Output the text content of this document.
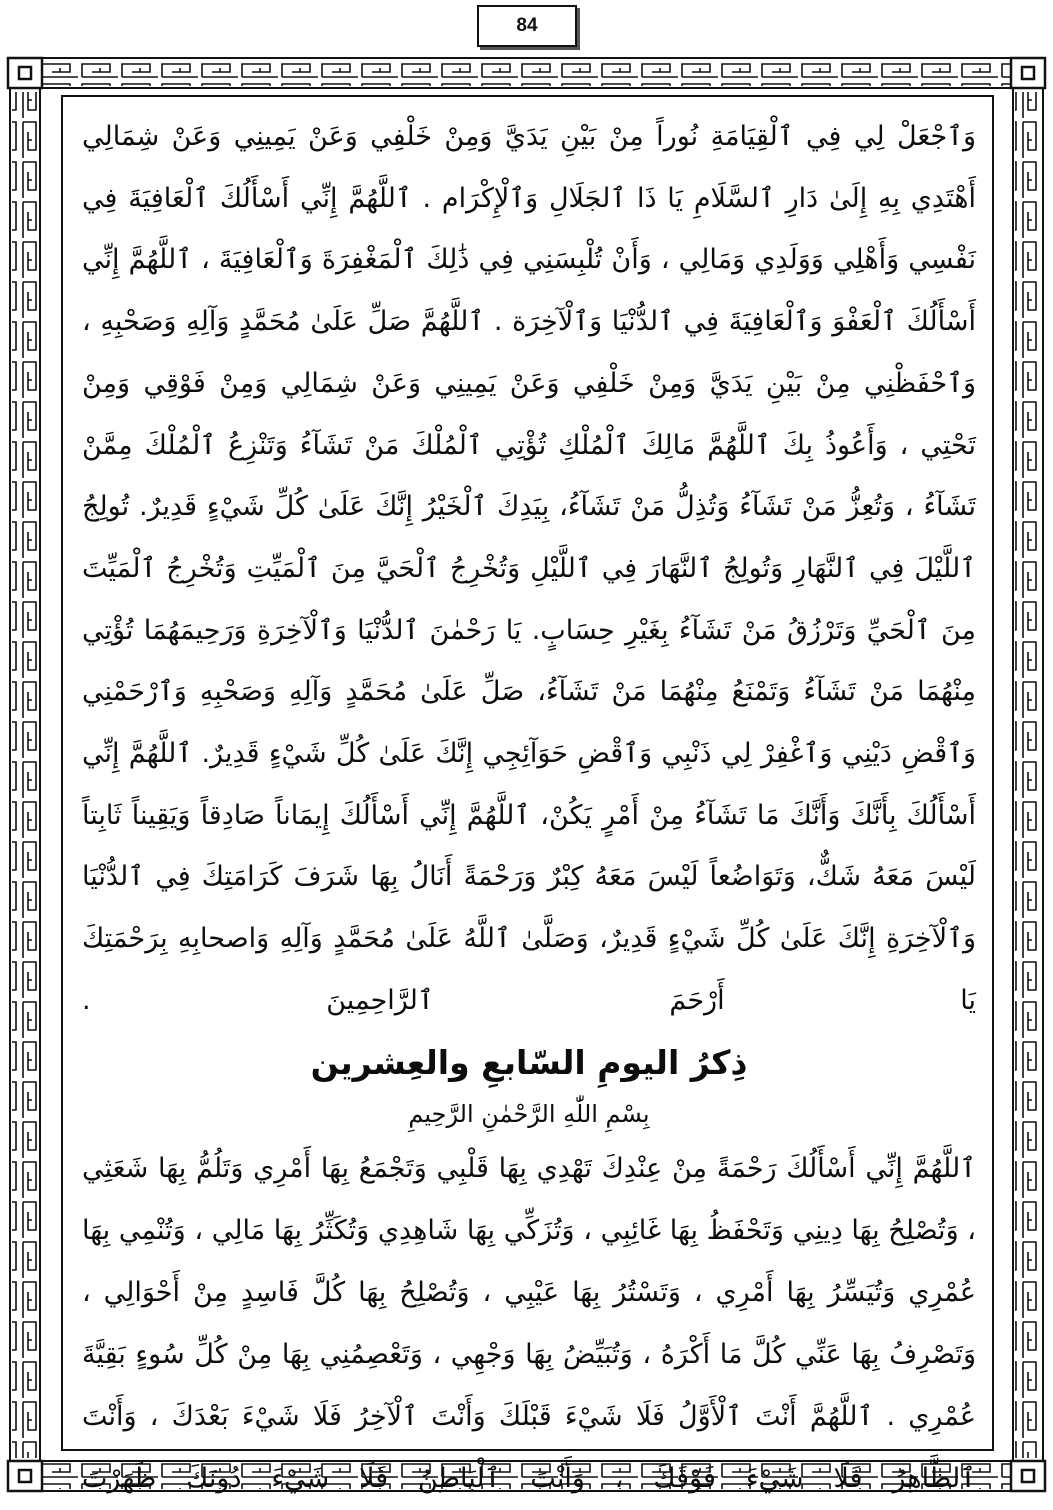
84
وَٱجْعَلْ لِي فِي ٱلْقِيَامَةِ نُوراً مِنْ بَيْنِ يَدَيَّ وَمِنْ خَلْفِي وَعَنْ يَمِينِي وَعَنْ شِمَالِي أَهْتَدِي بِهِ إِلَىٰ دَارِ ٱلسَّلَامِ يَا ذَا ٱلجَلَالِ وَٱلْإِكْرَام . ٱللَّهُمَّ إِنِّي أَسْأَلُكَ ٱلْعَافِيَةَ فِي نَفْسِي وَأَهْلِي وَوَلَدِي وَمَالِي ، وَأَنْ تُلْبِسَنِي فِي ذَٰلِكَ ٱلْمَغْفِرَةَ وَٱلْعَافِيَةَ ، ٱللَّهُمَّ إِنِّي أَسْأَلُكَ ٱلْعَفْوَ وَٱلْعَافِيَةَ فِي ٱلدُّنْيَا وَٱلْآخِرَة . ٱللَّهُمَّ صَلِّ عَلَىٰ مُحَمَّدٍ وَآلِهِ وَصَحْبِهِ ، وَٱحْفَظْنِي مِنْ بَيْنِ يَدَيَّ وَمِنْ خَلْفِي وَعَنْ يَمِينِي وَعَنْ شِمَالِي وَمِنْ فَوْقِي وَمِنْ تَحْتِي ، وَأَعُوذُ بِكَ ٱللَّهُمَّ مَالِكَ ٱلْمُلْكِ تُؤْتِي ٱلْمُلْكَ مَنْ تَشَآءُ وَتَنْزِعُ ٱلْمُلْكَ مِمَّنْ تَشَآءُ ، وَتُعِزُّ مَنْ تَشَآءُ وَتُذِلُّ مَنْ تَشَآءُ، بِيَدِكَ ٱلْخَيْرُ إِنَّكَ عَلَىٰ كُلِّ شَيْءٍ قَدِيرٌ. تُولِجُ ٱللَّيْلَ فِي ٱلنَّهَارِ وَتُولِجُ ٱلنَّهَارَ فِي ٱللَّيْلِ وَتُخْرِجُ ٱلْحَيَّ مِنَ ٱلْمَيِّتِ وَتُخْرِجُ ٱلْمَيِّتَ مِنَ ٱلْحَيِّ وَتَرْزُقُ مَنْ تَشَآءُ بِغَيْرِ حِسَابٍ. يَا رَحْمٰنَ ٱلدُّنْيَا وَٱلْآخِرَةِ وَرَحِيمَهُمَا تُؤْتِي مِنْهُمَا مَنْ تَشَآءُ وَتَمْنَعُ مِنْهُمَا مَنْ تَشَآءُ، صَلِّ عَلَىٰ مُحَمَّدٍ وَآلِهِ وَصَحْبِهِ وَٱرْحَمْنِي وَٱقْضِ دَيْنِي وَٱغْفِرْ لِي ذَنْبِي وَٱقْضِ حَوَآئِجِي إِنَّكَ عَلَىٰ كُلِّ شَيْءٍ قَدِيرٌ. ٱللَّهُمَّ إِنِّي أَسْأَلُكَ بِأَنَّكَ وَأَنَّكَ مَا تَشَآءُ مِنْ أَمْرٍ يَكُنْ، ٱللَّهُمَّ إِنِّي أَسْأَلُكَ إِيمَاناً صَادِقاً وَيَقِيناً ثَابِتاً لَيْسَ مَعَهُ شَكٌّ، وَتَوَاضُعاً لَيْسَ مَعَهُ كِبْرٌ وَرَحْمَةً أَنَالُ بِهَا شَرَفَ كَرَامَتِكَ فِي ٱلدُّنْيَا وَٱلْآخِرَةِ إِنَّكَ عَلَىٰ كُلِّ شَيْءٍ قَدِيرٌ، وَصَلَّىٰ ٱللَّهُ عَلَىٰ مُحَمَّدٍ وَآلِهِ وَاصحابِهِ بِرَحْمَتِكَ يَا أَرْحَمَ ٱلرَّاحِمِينَ .
ذِكرُ اليومِ السّابعِ والعِشرين
بِسْمِ اللّٰهِ الرَّحْمٰنِ الرَّحِيمِ
ٱللَّهُمَّ إِنِّي أَسْأَلُكَ رَحْمَةً مِنْ عِنْدِكَ تَهْدِي بِهَا قَلْبِي وَتَجْمَعُ بِهَا أَمْرِي وَتَلُمُّ بِهَا شَعَثِي ، وَتُصْلِحُ بِهَا دِينِي وَتَحْفَظُ بِهَا غَائِبِي ، وَتُزَكِّي بِهَا شَاهِدِي وَتُكَثِّرُ بِهَا مَالِي ، وَتُنْمِي بِهَا عُمْرِي وَتُيَسِّرُ بِهَا أَمْرِي ، وَتَسْتُرُ بِهَا عَيْبِي ، وَتُصْلِحُ بِهَا كُلَّ فَاسِدٍ مِنْ أَحْوَالِي ، وَتَصْرِفُ بِهَا عَنِّي كُلَّ مَا أَكْرَهُ ، وَتُبَيِّضُ بِهَا وَجْهِي ، وَتَعْصِمُنِي بِهَا مِنْ كُلِّ سُوءٍ بَقِيَّةَ عُمْرِي . ٱللَّهُمَّ أَنْتَ ٱلْأَوَّلُ فَلَا شَيْءَ قَبْلَكَ وَأَنْتَ ٱلْآخِرُ فَلَا شَيْءَ بَعْدَكَ ، وَأَنْتَ ٱلظَّاهِرُ فَلَا شَيْءَ فَوْقَكَ ، وَأَنْتَ ٱلْبَاطِنُ فَلَا شَيْءَ دُونَكَ ظَهَرْتَ
